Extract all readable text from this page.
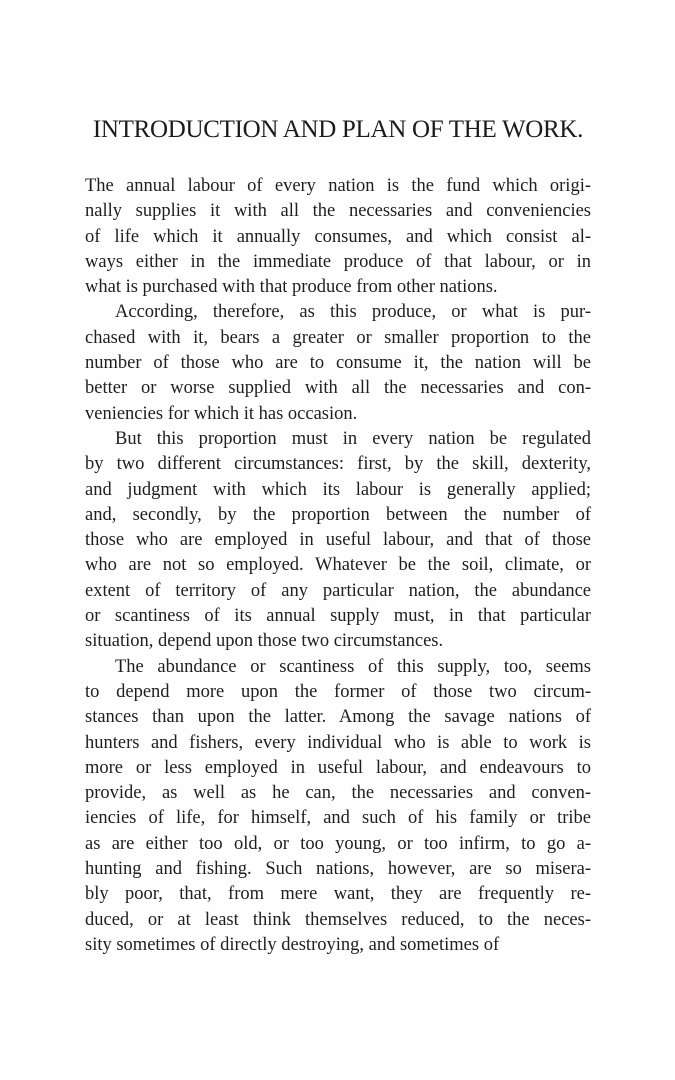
INTRODUCTION AND PLAN OF THE WORK.
The annual labour of every nation is the fund which origi-
nally supplies it with all the necessaries and conveniencies
of life which it annually consumes, and which consist al-
ways either in the immediate produce of that labour, or in
what is purchased with that produce from other nations.
According, therefore, as this produce, or what is pur-
chased with it, bears a greater or smaller proportion to the
number of those who are to consume it, the nation will be
better or worse supplied with all the necessaries and con-
veniencies for which it has occasion.
But this proportion must in every nation be regulated
by two different circumstances: first, by the skill, dexterity,
and judgment with which its labour is generally applied;
and, secondly, by the proportion between the number of
those who are employed in useful labour, and that of those
who are not so employed. Whatever be the soil, climate, or
extent of territory of any particular nation, the abundance
or scantiness of its annual supply must, in that particular
situation, depend upon those two circumstances.
The abundance or scantiness of this supply, too, seems
to depend more upon the former of those two circum-
stances than upon the latter. Among the savage nations of
hunters and fishers, every individual who is able to work is
more or less employed in useful labour, and endeavours to
provide, as well as he can, the necessaries and conven-
iencies of life, for himself, and such of his family or tribe
as are either too old, or too young, or too infirm, to go a-
hunting and fishing. Such nations, however, are so misera-
bly poor, that, from mere want, they are frequently re-
duced, or at least think themselves reduced, to the neces-
sity sometimes of directly destroying, and sometimes of
